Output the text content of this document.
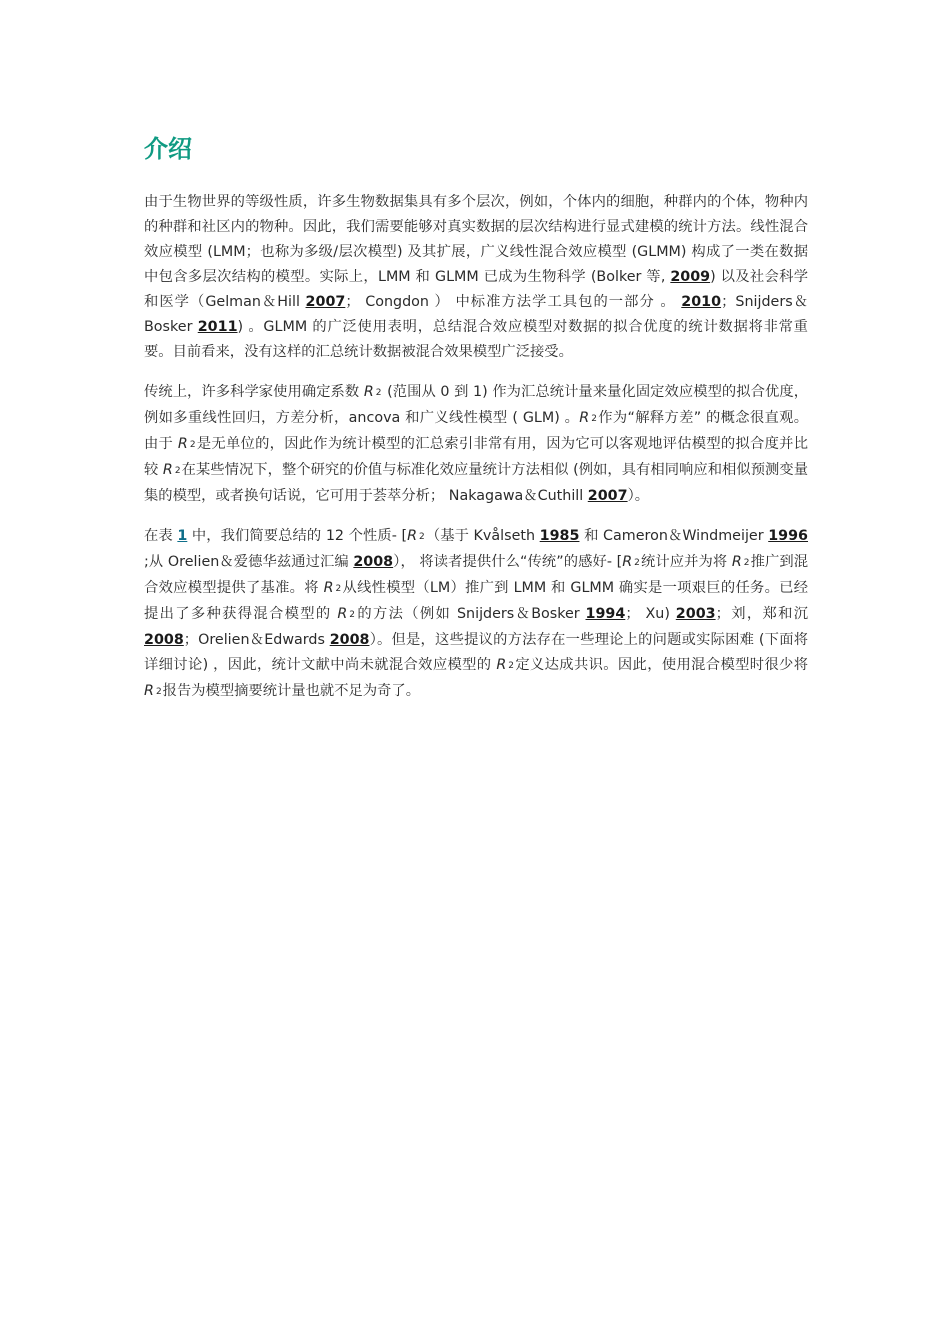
介绍

由于生物世界的等级性质，许多生物数据集具有多个层次，例如，个体内的细胞，种群内的个体，物种内的种群和社区内的物种。因此，我们需要能够对真实数据的层次结构进行显式建模的统计方法。线性混合效应模型 (LMM；也称为多级/层次模型) 及其扩展，广义线性混合效应模型 (GLMM) 构成了一类在数据中包含多层次结构的模型。实际上，LMM 和 GLMM 已成为生物科学 (Bolker 等, 2009) 以及社会科学和医学（Gelman＆Hill 2007； Congdon ） 中标准方法学工具包的一部分 。 2010；Snijders＆Bosker 2011) 。GLMM 的广泛使用表明，总结混合效应模型对数据的拟合优度的统计数据将非常重要。目前看来，没有这样的汇总统计数据被混合效果模型广泛接受。

传统上，许多科学家使用确定系数 R 2 (范围从 0 到 1) 作为汇总统计量来量化固定效应模型的拟合优度，例如多重线性回归，方差分析，ancova 和广义线性模型 ( GLM) 。R 2作为“解释方差” 的概念很直观。由于 R 2是无单位的，因此作为统计模型的汇总索引非常有用，因为它可以客观地评估模型的拟合度并比较 R 2在某些情况下，整个研究的价值与标准化效应量统计方法相似 (例如，具有相同响应和相似预测变量集的模型，或者换句话说，它可用于荟萃分析； Nakagawa＆Cuthill 2007）。

在表 1 中，我们简要总结的 12 个性质- [R 2（基于 Kvålseth 1985 和 Cameron＆Windmeijer 1996 ;从 Orelien＆爱德华兹通过汇编 2008）， 将读者提供什么“传统”的感好- [R 2统计应并为将 R 2推广到混合效应模型提供了基准。将 R 2从线性模型（LM）推广到 LMM 和 GLMM 确实是一项艰巨的任务。已经提出了多种获得混合模型的 R 2的方法（例如 Snijders＆Bosker 1994； Xu) 2003；刘，郑和沉 2008；Orelien＆Edwards 2008）。但是，这些提议的方法存在一些理论上的问题或实际困难 (下面将详细讨论) ，因此，统计文献中尚未就混合效应模型的 R 2定义达成共识。因此，使用混合模型时很少将 R 2报告为模型摘要统计量也就不足为奇了。
